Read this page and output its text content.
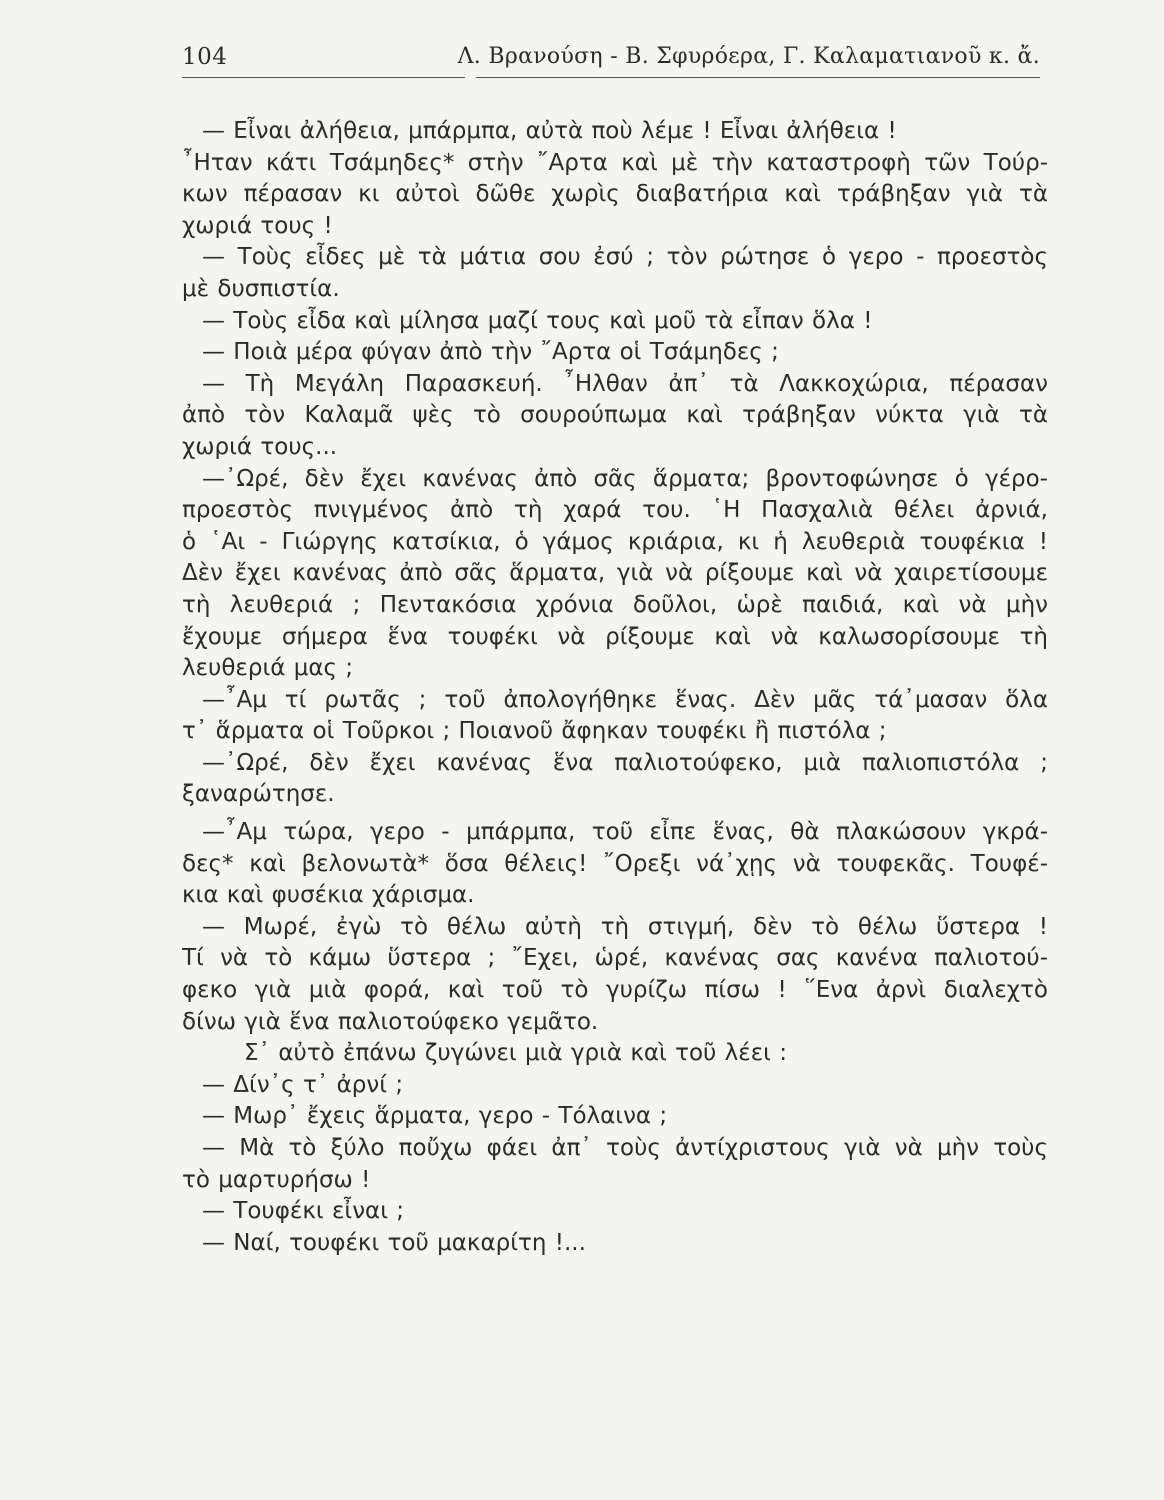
104	Λ. Βρανούση - Β. Σφυρόερα, Γ. Καλαματιανοῦ κ. ἄ.
— Εἶναι ἀλήθεια, μπάρμπα, αὐτὰ ποὺ λέμε ! Εἶναι ἀλήθεια !
῏Ηταν κάτι Τσάμηδες* στὴν ῎Αρτα καὶ μὲ τὴν καταστροφὴ τῶν Τούρ-
κων πέρασαν κι αὐτοὶ δῶθε χωρὶς διαβατήρια καὶ τράβηξαν γιὰ τὰ
χωριά τους !
— Τοὺς εἶδες μὲ τὰ μάτια σου ἐσύ ; τὸν ρώτησε ὁ γερο - προεστὸς
μὲ δυσπιστία.
— Τοὺς εἶδα καὶ μίλησα μαζί τους καὶ μοῦ τὰ εἶπαν ὅλα !
— Ποιὰ μέρα φύγαν ἀπὸ τὴν ῎Αρτα οἱ Τσάμηδες ;
— Τὴ Μεγάλη Παρασκευή. ῏Ηλθαν ἀπ᾽ τὰ Λακκοχώρια, πέρασαν
ἀπὸ τὸν Καλαμᾶ ψὲς τὸ σουρούπωμα καὶ τράβηξαν νύκτα γιὰ τὰ
χωριά τους...
—᾽Ωρέ, δὲν ἔχει κανένας ἀπὸ σᾶς ἅρματα; βροντοφώνησε ὁ γέρο-
προεστὸς πνιγμένος ἀπὸ τὴ χαρά του. ῾Η Πασχαλιὰ θέλει ἀρνιά,
ὁ ῾Αι - Γιώργης κατσίκια, ὁ γάμος κριάρια, κι ἡ λευθεριὰ τουφέκια !
Δὲν ἔχει κανένας ἀπὸ σᾶς ἅρματα, γιὰ νὰ ρίξουμε καὶ νὰ χαιρετίσουμε
τὴ λευθεριά ; Πεντακόσια χρόνια δοῦλοι, ὡρὲ παιδιά, καὶ νὰ μὴν
ἔχουμε σήμερα ἕνα τουφέκι νὰ ρίξουμε καὶ νὰ καλωσορίσουμε τὴ
λευθεριά μας ;
—῏Αμ τί ρωτᾶς ; τοῦ ἀπολογήθηκε ἕνας. Δὲν μᾶς τά᾽μασαν ὅλα
τ᾽ ἅρματα οἱ Τοῦρκοι ; Ποιανοῦ ἄφηκαν τουφέκι ἢ πιστόλα ;
—᾽Ωρέ, δὲν ἔχει κανένας ἕνα παλιοτούφεκο, μιὰ παλιοπιστόλα ;
ξαναρώτησε.
—῏Αμ τώρα, γερο - μπάρμπα, τοῦ εἶπε ἕνας, θὰ πλακώσουν γκρά-
δες* καὶ βελονωτὰ* ὅσα θέλεις! ῎Ορεξι νά᾽χῃς νὰ τουφεκᾶς. Τουφέ-
κια καὶ φυσέκια χάρισμα.
— Μωρέ, ἐγὼ τὸ θέλω αὐτὴ τὴ στιγμή, δὲν τὸ θέλω ὕστερα !
Τί νὰ τὸ κάμω ὕστερα ; ῎Εχει, ὡρέ, κανένας σας κανένα παλιοτού-
φεκο γιὰ μιὰ φορά, καὶ τοῦ τὸ γυρίζω πίσω ! ῞Ενα ἀρνὶ διαλεχτὸ
δίνω γιὰ ἕνα παλιοτούφεκο γεμᾶτο.
Σ᾽ αὐτὸ ἐπάνω ζυγώνει μιὰ γριὰ καὶ τοῦ λέει :
— Δίν᾽ς τ᾽ ἀρνί ;
— Μωρ᾽ ἔχεις ἅρματα, γερο - Τόλαινα ;
— Μὰ τὸ ξύλο ποὔχω φάει ἀπ᾽ τοὺς ἀντίχριστους γιὰ νὰ μὴν τοὺς
τὸ μαρτυρήσω !
— Τουφέκι εἶναι ;
— Ναί, τουφέκι τοῦ μακαρίτη !...
